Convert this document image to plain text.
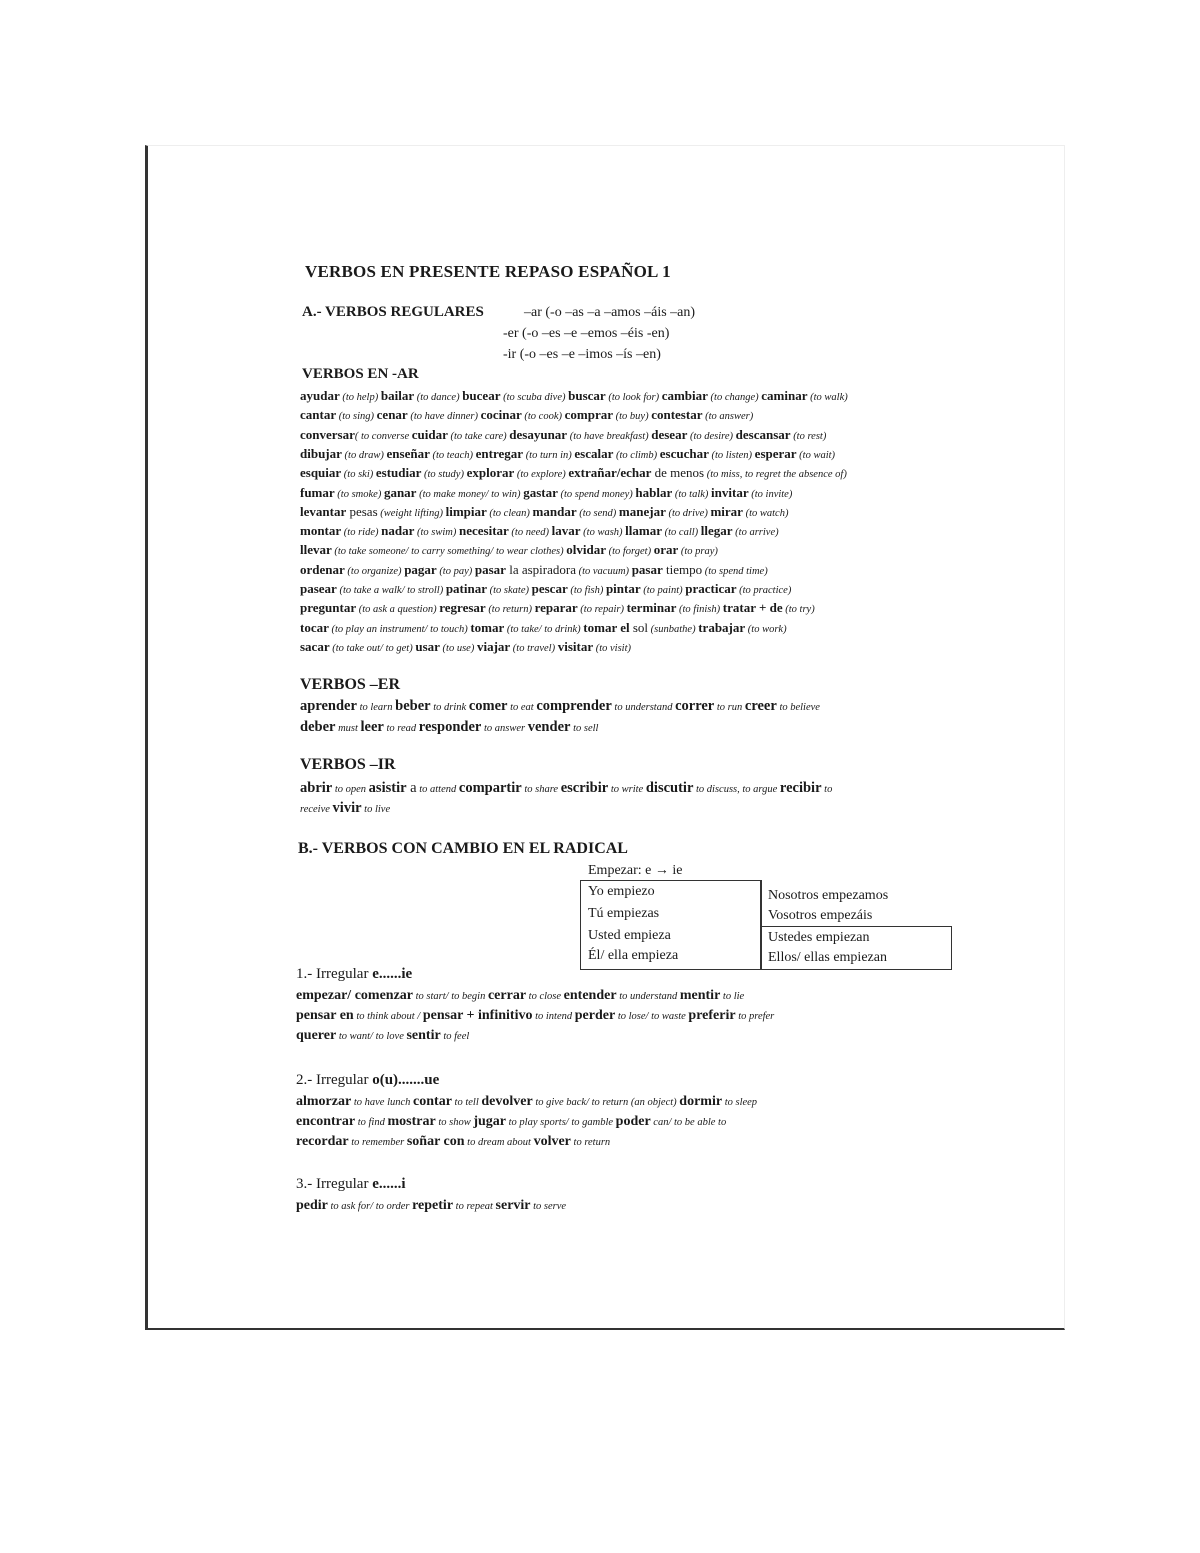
VERBOS EN PRESENTE REPASO ESPAÑOL 1
A.- VERBOS REGULARES	–ar (-o –as –a –amos –áis –an)
-er (-o –es –e –emos –éis -en)
-ir (-o –es –e –imos –ís –en)
VERBOS EN -AR
ayudar (to help) bailar (to dance) bucear (to scuba dive) buscar (to look for) cambiar (to change) caminar (to walk)
cantar (to sing) cenar (to have dinner) cocinar (to cook) comprar (to buy) contestar (to answer)
conversar( to converse cuidar (to take care) desayunar (to have breakfast) desear (to desire) descansar (to rest)
dibujar (to draw) enseñar (to teach) entregar (to turn in) escalar (to climb) escuchar (to listen) esperar (to wait)
esquiar (to ski) estudiar (to study) explorar (to explore) extrañar/echar de menos (to miss, to regret the absence of)
fumar (to smoke) ganar (to make money/ to win) gastar (to spend money) hablar (to talk) invitar (to invite)
levantar pesas (weight lifting) limpiar (to clean) mandar (to send) manejar (to drive) mirar (to watch)
montar (to ride) nadar (to swim) necesitar (to need) lavar (to wash) llamar (to call) llegar (to arrive)
llevar (to take someone/ to carry something/ to wear clothes) olvidar (to forget) orar (to pray)
ordenar (to organize) pagar (to pay) pasar la aspiradora (to vacuum) pasar tiempo (to spend time)
pasear (to take a walk/ to stroll) patinar (to skate) pescar (to fish) pintar (to paint) practicar (to practice)
preguntar (to ask a question) regresar (to return) reparar (to repair) terminar (to finish) tratar + de (to try)
tocar (to play an instrument/ to touch) tomar (to take/ to drink) tomar el sol (sunbathe) trabajar (to work)
sacar (to take out/ to get) usar (to use) viajar (to travel) visitar (to visit)
VERBOS –ER
aprender to learn beber to drink comer to eat comprender to understand correr to run creer to believe
deber must leer to read responder to answer vender to sell
VERBOS –IR
abrir to open asistir a to attend compartir to share escribir to write discutir to discuss, to argue recibir to
receive vivir to live
B.- VERBOS CON CAMBIO EN EL RADICAL
Empezar: e → ie
Yo empiezo
Tú empiezas
Usted empieza
Él/ ella empieza
Nosotros empezamos
Vosotros empezáis
Ustedes empiezan
Ellos/ ellas empiezan
1.- Irregular e......ie
empezar/ comenzar to start/ to begin cerrar to close entender to understand mentir to lie
pensar en to think about / pensar + infinitivo to intend perder to lose/ to waste preferir to prefer
querer to want/ to love sentir to feel
2.- Irregular o(u).......ue
almorzar to have lunch contar to tell devolver to give back/ to return (an object) dormir to sleep
encontrar to find mostrar to show jugar to play sports/ to gamble poder can/ to be able to
recordar to remember soñar con to dream about volver to return
3.- Irregular e......i
pedir to ask for/ to order repetir to repeat servir to serve
